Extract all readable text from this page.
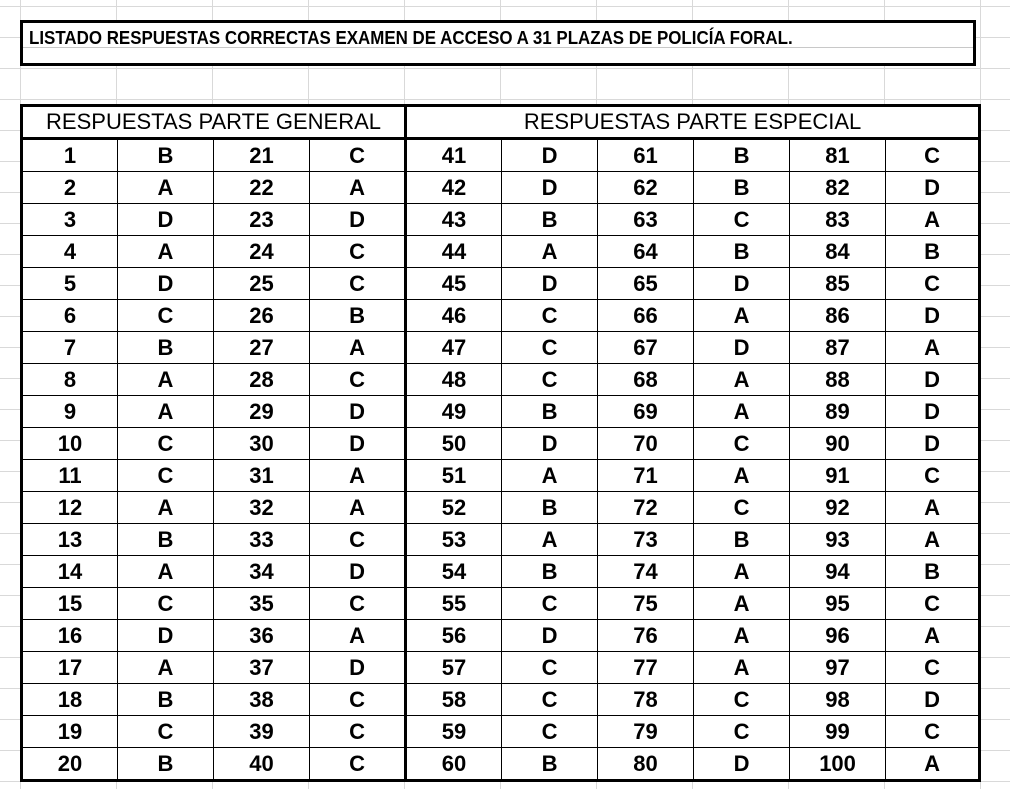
LISTADO RESPUESTAS CORRECTAS EXAMEN DE ACCESO A 31 PLAZAS DE POLICÍA FORAL.
RESPUESTAS PARTE GENERAL				RESPUESTAS PARTE ESPECIAL					
1	B	21	C	41	D	61	B	81	C
2	A	22	A	42	D	62	B	82	D
3	D	23	D	43	B	63	C	83	A
4	A	24	C	44	A	64	B	84	B
5	D	25	C	45	D	65	D	85	C
6	C	26	B	46	C	66	A	86	D
7	B	27	A	47	C	67	D	87	A
8	A	28	C	48	C	68	A	88	D
9	A	29	D	49	B	69	A	89	D
10	C	30	D	50	D	70	C	90	D
11	C	31	A	51	A	71	A	91	C
12	A	32	A	52	B	72	C	92	A
13	B	33	C	53	A	73	B	93	A
14	A	34	D	54	B	74	A	94	B
15	C	35	C	55	C	75	A	95	C
16	D	36	A	56	D	76	A	96	A
17	A	37	D	57	C	77	A	97	C
18	B	38	C	58	C	78	C	98	D
19	C	39	C	59	C	79	C	99	C
20	B	40	C	60	B	80	D	100	A
